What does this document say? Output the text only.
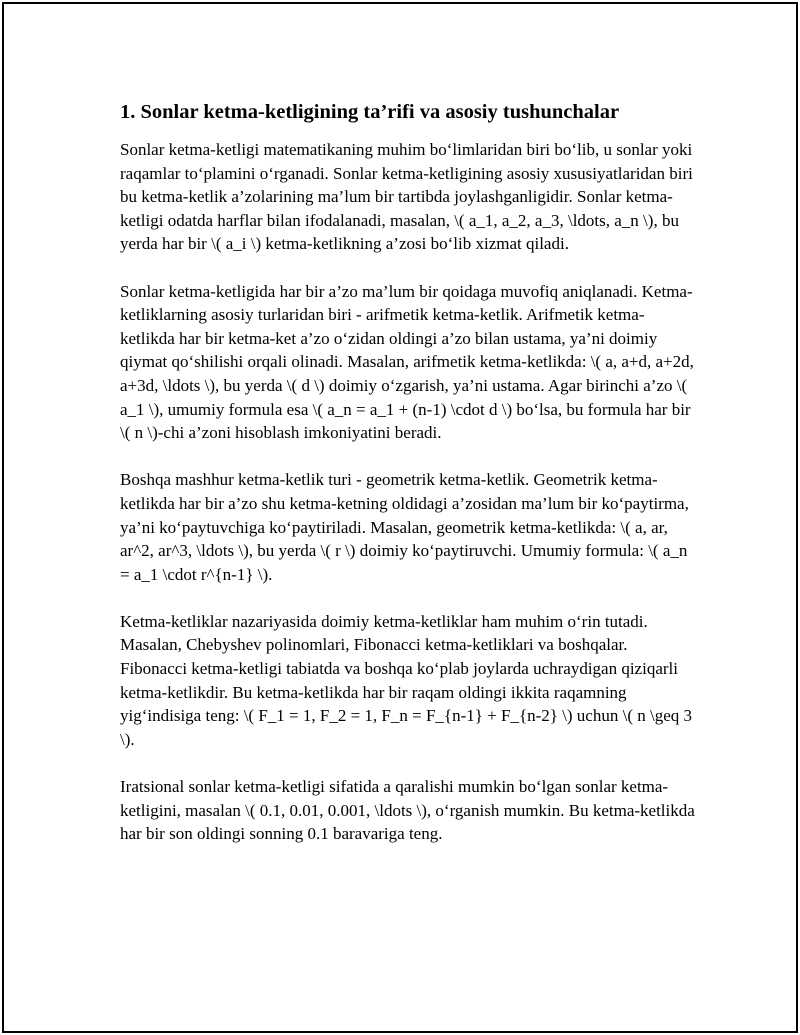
1. Sonlar ketma-ketligining ta’rifi va asosiy tushunchalar

Sonlar ketma-ketligi matematikaning muhim bo‘limlaridan biri bo‘lib, u sonlar yoki raqamlar to‘plamini o‘rganadi. Sonlar ketma-ketligining asosiy xususiyatlaridan biri bu ketma-ketlik a’zolarining ma’lum bir tartibda joylashganligidir. Sonlar ketma-ketligi odatda harflar bilan ifodalanadi, masalan, \( a_1, a_2, a_3, \ldots, a_n \), bu yerda har bir \( a_i \) ketma-ketlikning a’zosi bo‘lib xizmat qiladi.

Sonlar ketma-ketligida har bir a’zo ma’lum bir qoidaga muvofiq aniqlanadi. Ketma-ketliklarning asosiy turlaridan biri - arifmetik ketma-ketlik. Arifmetik ketma-ketlikda har bir ketma-ket a’zo o‘zidan oldingi a’zo bilan ustama, ya’ni doimiy qiymat qo‘shilishi orqali olinadi. Masalan, arifmetik ketma-ketlikda: \( a, a+d, a+2d, a+3d, \ldots \), bu yerda \( d \) doimiy o‘zgarish, ya’ni ustama. Agar birinchi a’zo \( a_1 \), umumiy formula esa \( a_n = a_1 + (n-1) \cdot d \) bo‘lsa, bu formula har bir \( n \)-chi a’zoni hisoblash imkoniyatini beradi.

Boshqa mashhur ketma-ketlik turi - geometrik ketma-ketlik. Geometrik ketma-ketlikda har bir a’zo shu ketma-ketning oldidagi a’zosidan ma’lum bir ko‘paytirma, ya’ni ko‘paytuvchiga ko‘paytiriladi. Masalan, geometrik ketma-ketlikda: \( a, ar, ar^2, ar^3, \ldots \), bu yerda \( r \) doimiy ko‘paytiruvchi. Umumiy formula: \( a_n = a_1 \cdot r^{n-1} \).

Ketma-ketliklar nazariyasida doimiy ketma-ketliklar ham muhim o‘rin tutadi. Masalan, Chebyshev polinomlari, Fibonacci ketma-ketliklari va boshqalar. Fibonacci ketma-ketligi tabiatda va boshqa ko‘plab joylarda uchraydigan qiziqarli ketma-ketlikdir. Bu ketma-ketlikda har bir raqam oldingi ikkita raqamning yig‘indisiga teng: \( F_1 = 1, F_2 = 1, F_n = F_{n-1} + F_{n-2} \) uchun \( n \geq 3 \).

Iratsional sonlar ketma-ketligi sifatida a qaralishi mumkin bo‘lgan sonlar ketma-ketligini, masalan \( 0.1, 0.01, 0.001, \ldots \), o‘rganish mumkin. Bu ketma-ketlikda har bir son oldingi sonning 0.1 baravariga teng.
